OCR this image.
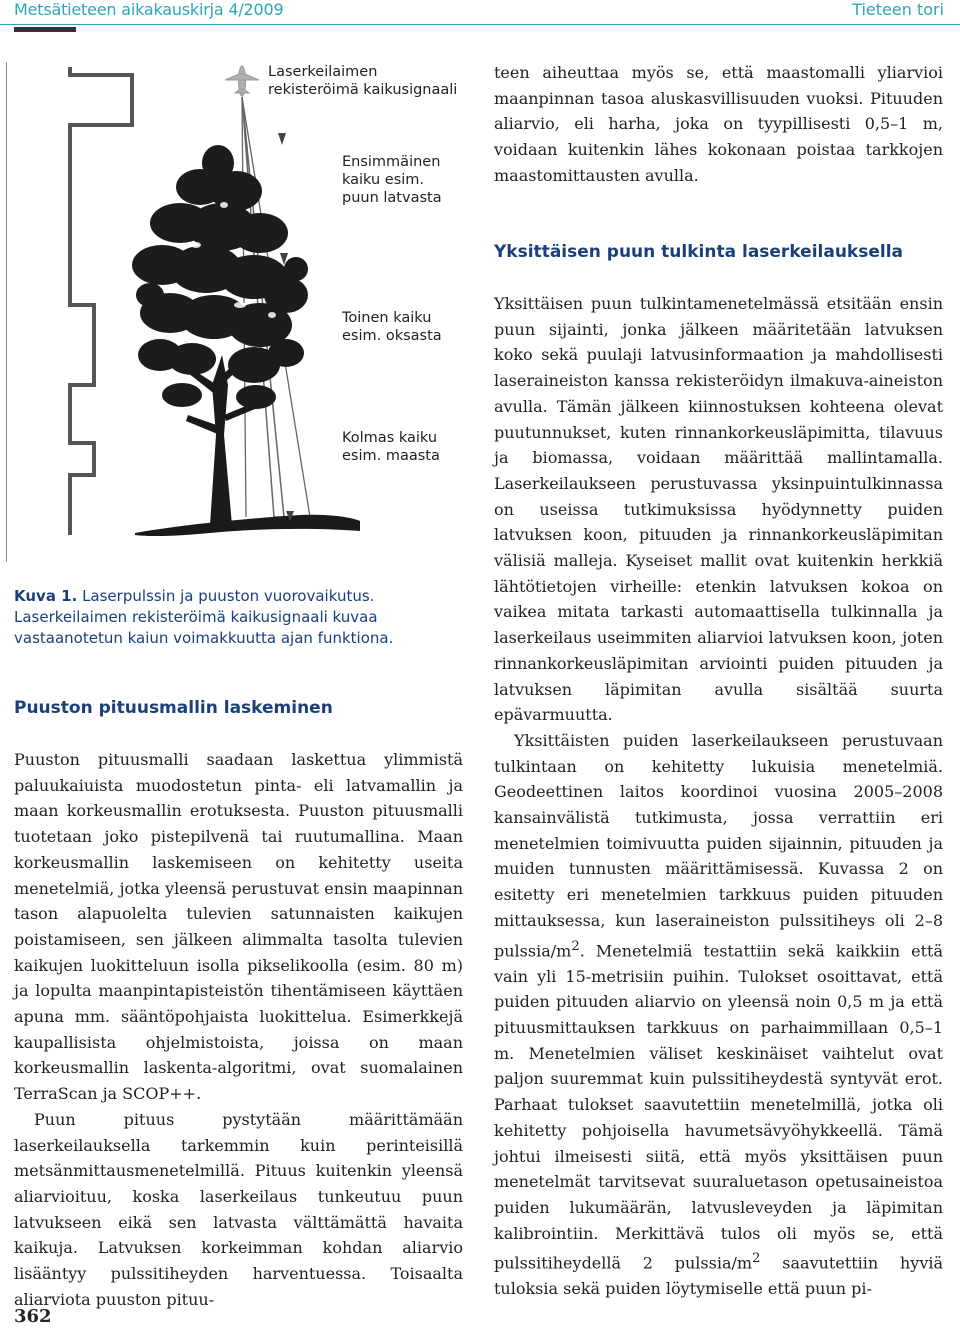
Metsätieteen aikakauskirja 4/2009	Tieteen tori
Laserkeilaimen rekisteröimä kaikusignaali
Ensimmäinen kaiku esim. puun latvasta
Toinen kaiku esim. oksasta
Kolmas kaiku esim. maasta
Kuva 1. Laserpulssin ja puuston vuorovaikutus. Laserkeilaimen rekisteröimä kaikusignaali kuvaa vastaanotetun kaiun voimakkuutta ajan funktiona.
Puuston pituusmallin laskeminen

Puuston pituusmalli saadaan laskettua ylimmistä paluukaiuista muodostetun pinta- eli latvamallin ja maan korkeusmallin erotuksesta. Puuston pituusmalli tuotetaan joko pistepilvenä tai ruutumallina. Maan korkeusmallin laskemiseen on kehitetty useita menetelmiä, jotka yleensä perustuvat ensin maapinnan tason alapuolelta tulevien satunnaisten kaikujen poistamiseen, sen jälkeen alimmalta tasolta tulevien kaikujen luokitteluun isolla pikselikoolla (esim. 80 m) ja lopulta maanpintapisteistön tihentämiseen käyttäen apuna mm. sääntöpohjaista luokittelua. Esimerkkejä kaupallisista ohjelmistoista, joissa on maan korkeusmallin laskenta-algoritmi, ovat suomalainen TerraScan ja SCOP++.

Puun pituus pystytään määrittämään laserkeilauksella tarkemmin kuin perinteisillä metsänmittausmenetelmillä. Pituus kuitenkin yleensä aliarvioituu, koska laserkeilaus tunkeutuu puun latvukseen eikä sen latvasta välttämättä havaita kaikuja. Latvuksen korkeimman kohdan aliarvio lisääntyy pulssitiheyden harventuessa. Toisaalta aliarviota puuston pituu-

teen aiheuttaa myös se, että maastomalli yliarvioi maanpinnan tasoa aluskasvillisuuden vuoksi. Pituuden aliarvio, eli harha, joka on tyypillisesti 0,5–1 m, voidaan kuitenkin lähes kokonaan poistaa tarkkojen maastomittausten avulla.

Yksittäisen puun tulkinta laserkeilauksella

Yksittäisen puun tulkintamenetelmässä etsitään ensin puun sijainti, jonka jälkeen määritetään latvuksen koko sekä puulaji latvusinformaation ja mahdollisesti laseraineiston kanssa rekisteröidyn ilmakuva-aineiston avulla. Tämän jälkeen kiinnostuksen kohteena olevat puutunnukset, kuten rinnankorkeusläpimitta, tilavuus ja biomassa, voidaan määrittää mallintamalla. Laserkeilaukseen perustuvassa yksinpuintulkinnassa on useissa tutkimuksissa hyödynnetty puiden latvuksen koon, pituuden ja rinnankorkeusläpimitan välisiä malleja. Kyseiset mallit ovat kuitenkin herkkiä lähtötietojen virheille: etenkin latvuksen kokoa on vaikea mitata tarkasti automaattisella tulkinnalla ja laserkeilaus useimmiten aliarvioi latvuksen koon, joten rinnankorkeusläpimitan arviointi puiden pituuden ja latvuksen läpimitan avulla sisältää suurta epävarmuutta.

Yksittäisten puiden laserkeilaukseen perustuvaan tulkintaan on kehitetty lukuisia menetelmiä. Geodeettinen laitos koordinoi vuosina 2005–2008 kansainvälistä tutkimusta, jossa verrattiin eri menetelmien toimivuutta puiden sijainnin, pituuden ja muiden tunnusten määrittämisessä. Kuvassa 2 on esitetty eri menetelmien tarkkuus puiden pituuden mittauksessa, kun laseraineiston pulssitiheys oli 2–8 pulssia/$m^2$. Menetelmiä testattiin sekä kaikkiin että vain yli 15-metrisiin puihin. Tulokset osoittavat, että puiden pituuden aliarvio on yleensä noin 0,5 m ja että pituusmittauksen tarkkuus on parhaimmillaan 0,5–1 m. Menetelmien väliset keskinäiset vaihtelut ovat paljon suuremmat kuin pulssitiheydestä syntyvät erot. Parhaat tulokset saavutettiin menetelmillä, jotka oli kehitetty pohjoisella havumetsävyöhykkeellä. Tämä johtui ilmeisesti siitä, että myös yksittäisen puun menetelmät tarvitsevat suuraluetason opetusaineistoa puiden lukumäärän, latvusleveyden ja läpimitan kalibrointiin. Merkittävä tulos oli myös se, että pulssitiheydellä 2 pulssia/$m^2$ saavutettiin hyviä tuloksia sekä puiden löytymiselle että puun pi-

362
